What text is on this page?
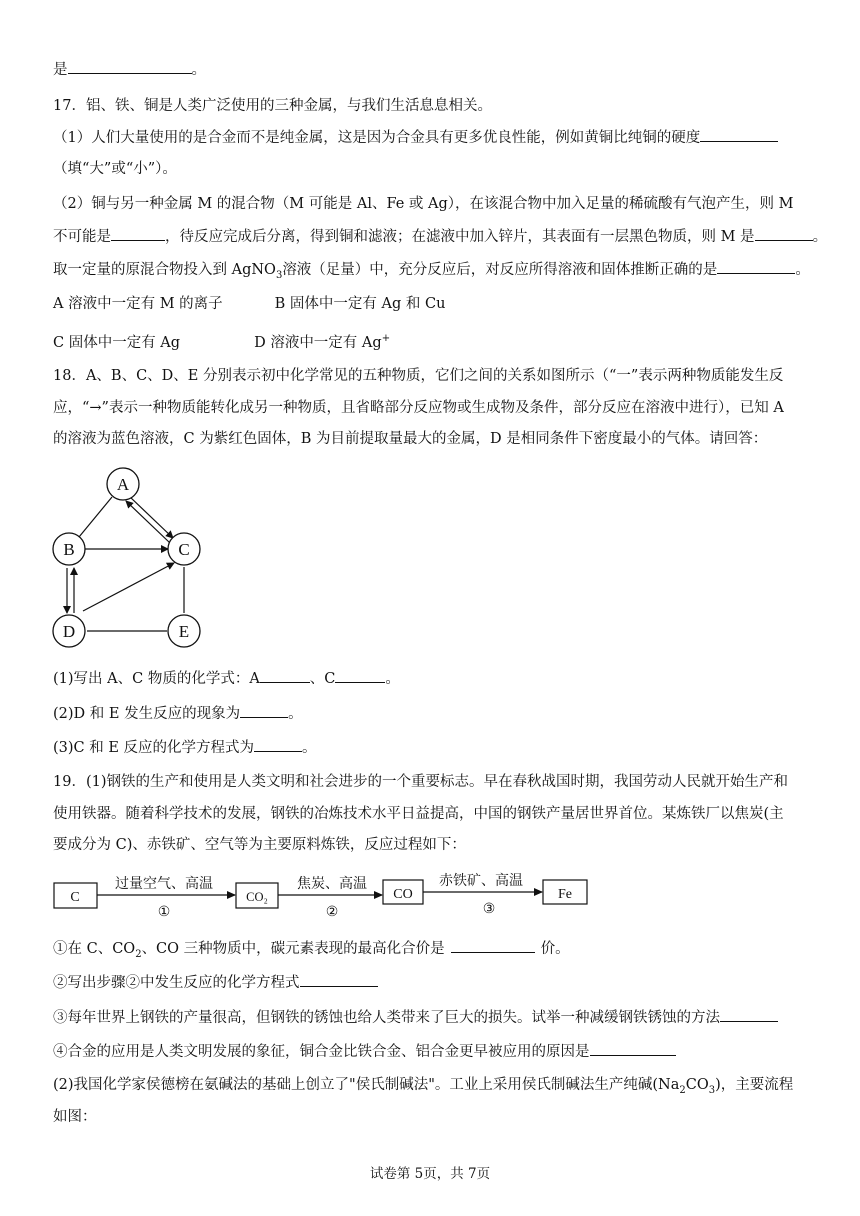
是	。
17．铝、铁、铜是人类广泛使用的三种金属，与我们生活息息相关。
（1）人们大量使用的是合金而不是纯金属，这是因为合金具有更多优良性能，例如黄铜比纯铜的硬度
（填“大”或“小”）。
（2）铜与另一种金属 M 的混合物（M 可能是 Al、Fe 或 Ag），在该混合物中加入足量的稀硫酸有气泡产生，则 M
不可能是	，待反应完成后分离，得到铜和滤液；在滤液中加入锌片，其表面有一层黑色物质，则 M 是	。
取一定量的原混合物投入到 AgNO$_3$溶液（足量）中，充分反应后，对反应所得溶液和固体推断正确的是	。
A 溶液中一定有 M 的离子	B 固体中一定有 Ag 和 Cu
C 固体中一定有 Ag	D 溶液中一定有 Ag+
18．A、B、C、D、E 分别表示初中化学常见的五种物质，它们之间的关系如图所示（“一”表示两种物质能发生反
应，“→”表示一种物质能转化成另一种物质，且省略部分反应物或生成物及条件，部分反应在溶液中进行），已知 A
的溶液为蓝色溶液，C 为紫红色固体，B 为目前提取量最大的金属，D 是相同条件下密度最小的气体。请回答：
A
B	C
D	E
(1)写出 A、C 物质的化学式：A	、C	。
(2)D 和 E 发生反应的现象为	。
(3)C 和 E 反应的化学方程式为	。
19．(1)钢铁的生产和使用是人类文明和社会进步的一个重要标志。早在春秋战国时期，我国劳动人民就开始生产和
使用铁器。随着科学技术的发展，钢铁的冶炼技术水平日益提高，中国的钢铁产量居世界首位。某炼铁厂以焦炭(主
要成分为 C)、赤铁矿、空气等为主要原料炼铁，反应过程如下：
C	CO₂	CO	Fe
过量空气、高温	焦炭、高温	赤铁矿、高温
①	②	③
①在 C、$CO_2$、CO 三种物质中，碳元素表现的最高化合价是	价。
②写出步骤②中发生反应的化学方程式
③每年世界上钢铁的产量很高，但钢铁的锈蚀也给人类带来了巨大的损失。试举一种减缓钢铁锈蚀的方法
④合金的应用是人类文明发展的象征，铜合金比铁合金、铝合金更早被应用的原因是
(2)我国化学家侯德榜在氨碱法的基础上创立了"侯氏制碱法"。工业上采用侯氏制碱法生产纯碱$(Na_2CO_3)$，主要流程
如图：
试卷第 5页，共 7页
